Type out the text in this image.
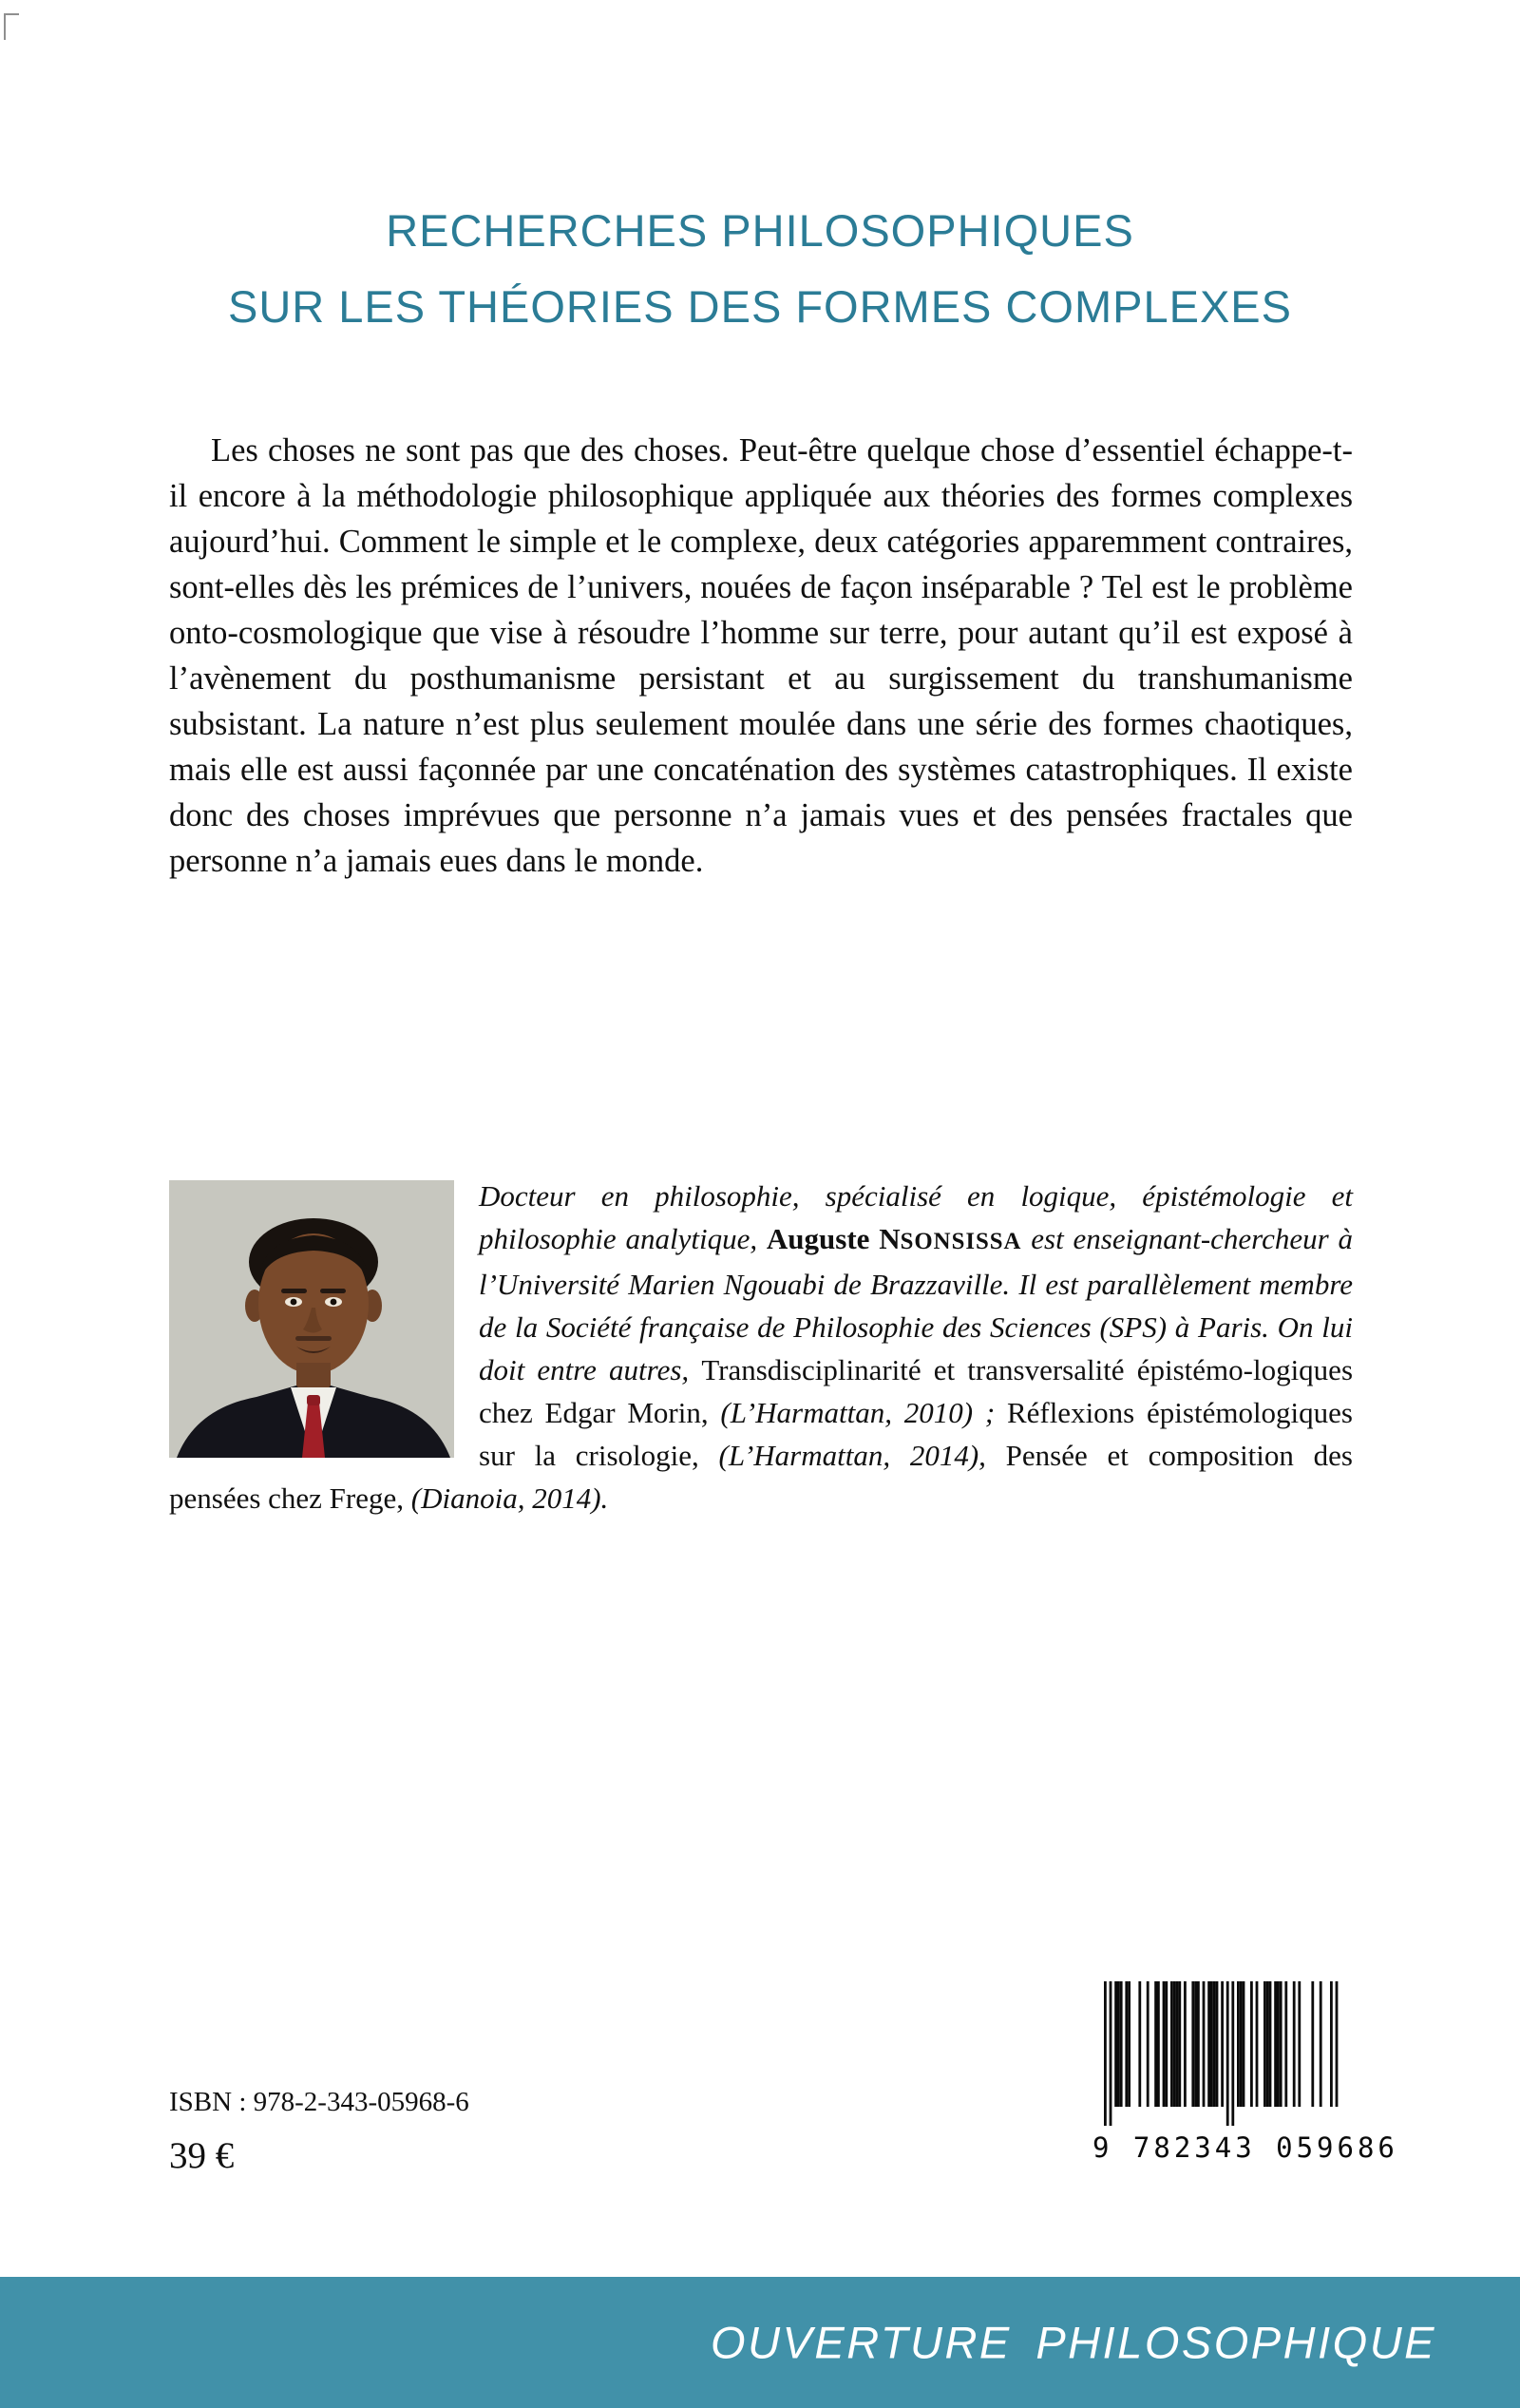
RECHERCHES PHILOSOPHIQUES
SUR LES THÉORIES DES FORMES COMPLEXES

Les choses ne sont pas que des choses. Peut-être quelque chose d’essentiel échappe-t-il encore à la méthodologie philosophique appliquée aux théories des formes complexes aujourd’hui. Comment le simple et le complexe, deux catégories apparemment contraires, sont-elles dès les prémices de l’univers, nouées de façon inséparable ? Tel est le problème onto-cosmologique que vise à résoudre l’homme sur terre, pour autant qu’il est exposé à l’avènement du posthumanisme persistant et au surgissement du transhumanisme subsistant. La nature n’est plus seulement moulée dans une série des formes chaotiques, mais elle est aussi façonnée par une concaténation des systèmes catastrophiques. Il existe donc des choses imprévues que personne n’a jamais vues et des pensées fractales que personne n’a jamais eues dans le monde.

Docteur en philosophie, spécialisé en logique, épistémologie et philosophie analytique, Auguste NSONSISSA est enseignant-chercheur à l’Université Marien Ngouabi de Brazzaville. Il est parallèlement membre de la Société française de Philosophie des Sciences (SPS) à Paris. On lui doit entre autres, Transdisciplinarité et transversalité épistémo-logiques chez Edgar Morin, (L’Harmattan, 2010) ; Réflexions épistémologiques sur la crisologie, (L’Harmattan, 2014), Pensée et composition des pensées chez Frege, (Dianoia, 2014).
ISBN : 978-2-343-05968-6
39 €	9 782343 059686
OUVERTURE PHILOSOPHIQUE
